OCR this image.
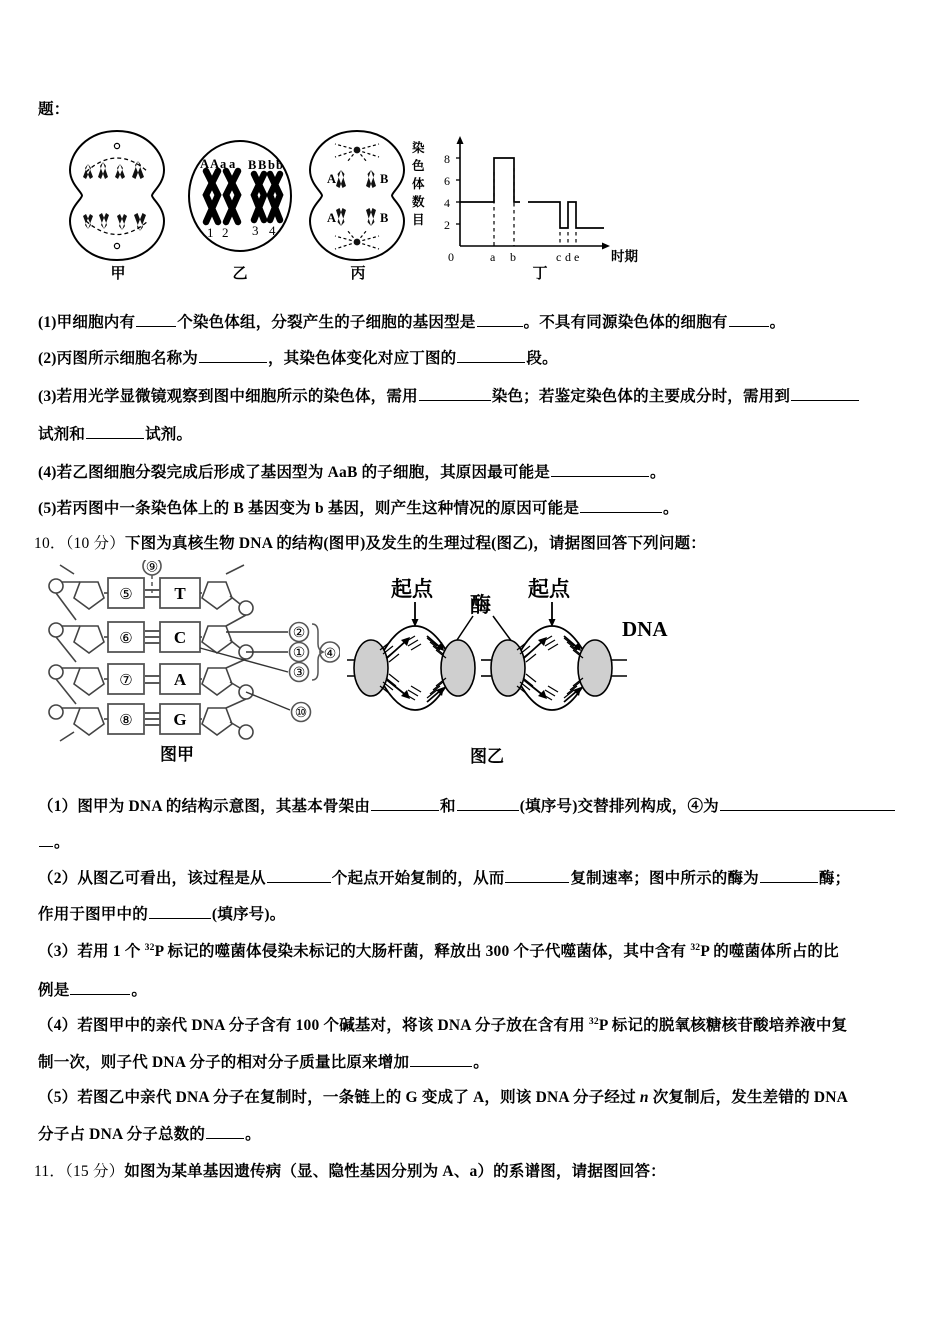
题：
A A a a B B b b
1 2 3 4
A	B
A	B
8
6
4
2
0
染
色
体
数
目
a b	c d e 时期
甲	乙	丙	丁
(1)甲细胞内有	个染色体组，分裂产生的子细胞的基因型是	。不具有同源染色体的细胞有	。
(2)丙图所示细胞名称为	，其染色体变化对应丁图的	段。
(3)若用光学显微镜观察到图中细胞所示的染色体，需用	染色；若鉴定染色体的主要成分时，需用到
试剂和	试剂。
(4)若乙图细胞分裂完成后形成了基因型为 AaB 的子细胞，其原因最可能是	。
(5)若丙图中一条染色体上的 B 基因变为 b 基因，则产生这种情况的原因可能是	。
10．（10 分）下图为真核生物 DNA 的结构(图甲)及发生的生理过程(图乙)，请据图回答下列问题：
⑤
⑥
⑦
⑧
T
C
A
G
⑨
②
①
③
⑩
④
起点
酶
起点
DNA
图甲	图乙
（1）图甲为 DNA 的结构示意图，其基本骨架由	和	(填序号)交替排列构成，④为
。
（2）从图乙可看出，该过程是从	个起点开始复制的，从而	复制速率；图中所示的酶为	酶；
作用于图甲中的	(填序号)。
（3）若用 1 个 $^{32}$P 标记的噬菌体侵染未标记的大肠杆菌，释放出 300 个子代噬菌体，其中含有 $^{32}$P 的噬菌体所占的比
例是	。
（4）若图甲中的亲代 DNA 分子含有 100 个碱基对，将该 DNA 分子放在含有用 $^{32}$P 标记的脱氧核糖核苷酸培养液中复
制一次，则子代 DNA 分子的相对分子质量比原来增加	。
（5）若图乙中亲代 DNA 分子在复制时，一条链上的 G 变成了 A，则该 DNA 分子经过 n 次复制后，发生差错的 DNA
分子占 DNA 分子总数的	。
11．（15 分）如图为某单基因遗传病（显、隐性基因分别为 A、a）的系谱图，请据图回答：
